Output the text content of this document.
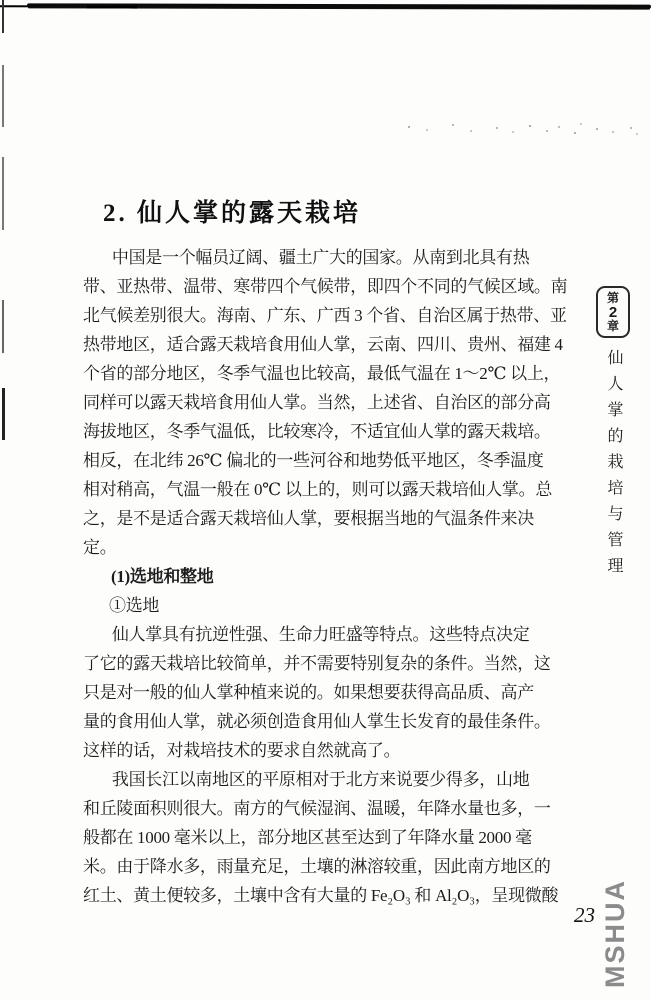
2. 仙人掌的露天栽培
中国是一个幅员辽阔、疆土广大的国家。从南到北具有热
带、亚热带、温带、寒带四个气候带，即四个不同的气候区域。南
北气候差别很大。海南、广东、广西 3 个省、自治区属于热带、亚
热带地区，适合露天栽培食用仙人掌，云南、四川、贵州、福建 4
个省的部分地区，冬季气温也比较高，最低气温在 1～2℃ 以上，
同样可以露天栽培食用仙人掌。当然，上述省、自治区的部分高
海拔地区，冬季气温低，比较寒冷，不适宜仙人掌的露天栽培。
相反，在北纬 26℃ 偏北的一些河谷和地势低平地区，冬季温度
相对稍高，气温一般在 0℃ 以上的，则可以露天栽培仙人掌。总
之，是不是适合露天栽培仙人掌，要根据当地的气温条件来决
定。
(1)选地和整地
①选地
仙人掌具有抗逆性强、生命力旺盛等特点。这些特点决定
了它的露天栽培比较简单，并不需要特别复杂的条件。当然，这
只是对一般的仙人掌种植来说的。如果想要获得高品质、高产
量的食用仙人掌，就必须创造食用仙人掌生长发育的最佳条件。
这样的话，对栽培技术的要求自然就高了。
我国长江以南地区的平原相对于北方来说要少得多，山地
和丘陵面积则很大。南方的气候湿润、温暖，年降水量也多，一
般都在 1000 毫米以上，部分地区甚至达到了年降水量 2000 毫
米。由于降水多，雨量充足，土壤的淋溶较重，因此南方地区的
红土、黄土便较多，土壤中含有大量的 Fe₂O₃ 和 Al₂O₃，呈现微酸
第
2
章
仙人掌的栽培与管理
23 MSHUA
